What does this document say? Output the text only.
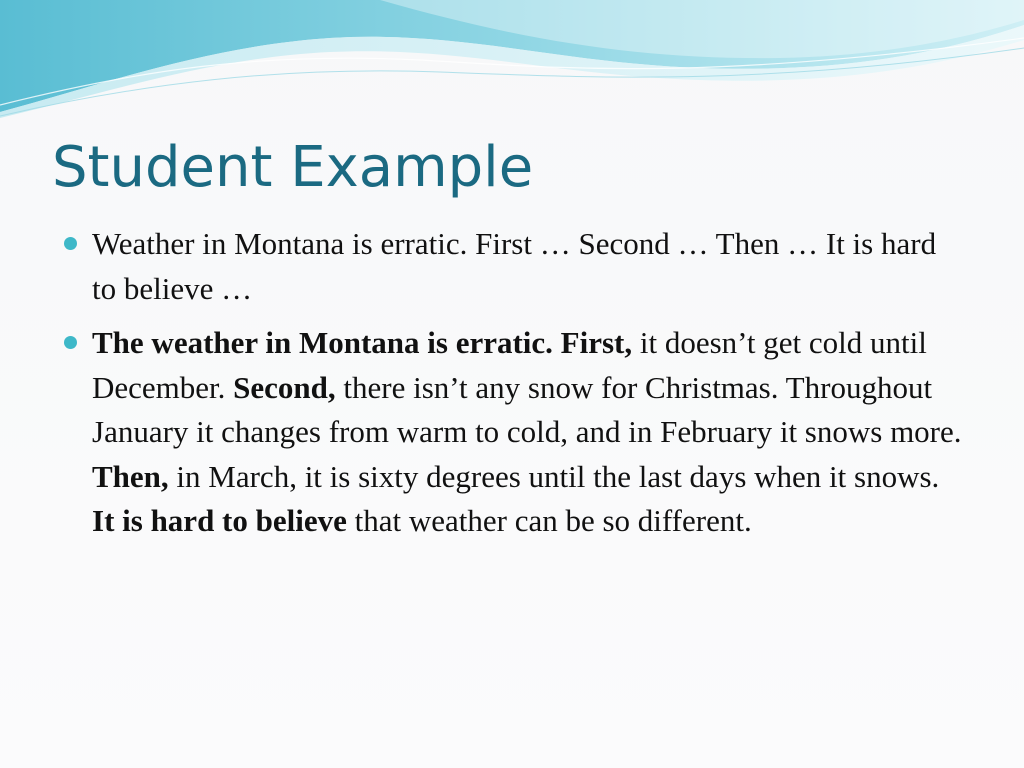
Student Example
Weather in Montana is erratic. First … Second … Then … It is hard to believe …
The weather in Montana is erratic. First, it doesn’t get cold until December. Second, there isn’t any snow for Christmas. Throughout January it changes from warm to cold, and in February it snows more. Then, in March, it is sixty degrees until the last days when it snows. It is hard to believe that weather can be so different.
